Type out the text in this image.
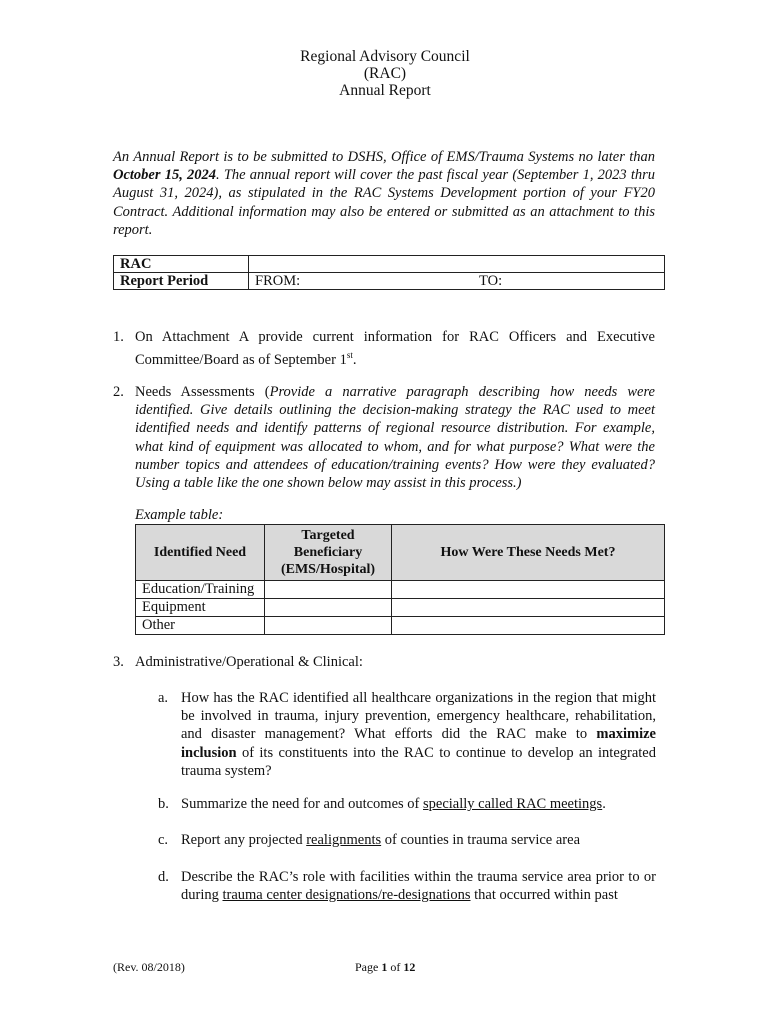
Regional Advisory Council
(RAC)
Annual Report
An Annual Report is to be submitted to DSHS, Office of EMS/Trauma Systems no later than October 15, 2024. The annual report will cover the past fiscal year (September 1, 2023 thru August 31, 2024), as stipulated in the RAC Systems Development portion of your FY20 Contract. Additional information may also be entered or submitted as an attachment to this report.
RAC	
Report Period	FROM: TO:
1. On Attachment A provide current information for RAC Officers and Executive Committee/Board as of September 1st.
2. Needs Assessments (Provide a narrative paragraph describing how needs were identified. Give details outlining the decision-making strategy the RAC used to meet identified needs and identify patterns of regional resource distribution. For example, what kind of equipment was allocated to whom, and for what purpose? What were the number topics and attendees of education/training events? How were they evaluated? Using a table like the one shown below may assist in this process.)
Example table:
Identified Need	Targeted Beneficiary (EMS/Hospital)	How Were These Needs Met?
Education/Training		
Equipment		
Other		
3. Administrative/Operational & Clinical:
a. How has the RAC identified all healthcare organizations in the region that might be involved in trauma, injury prevention, emergency healthcare, rehabilitation, and disaster management? What efforts did the RAC make to maximize inclusion of its constituents into the RAC to continue to develop an integrated trauma system?
b. Summarize the need for and outcomes of specially called RAC meetings.
c. Report any projected realignments of counties in trauma service area
d. Describe the RAC’s role with facilities within the trauma service area prior to or during trauma center designations/re-designations that occurred within past
(Rev. 08/2018)	Page 1 of 12
